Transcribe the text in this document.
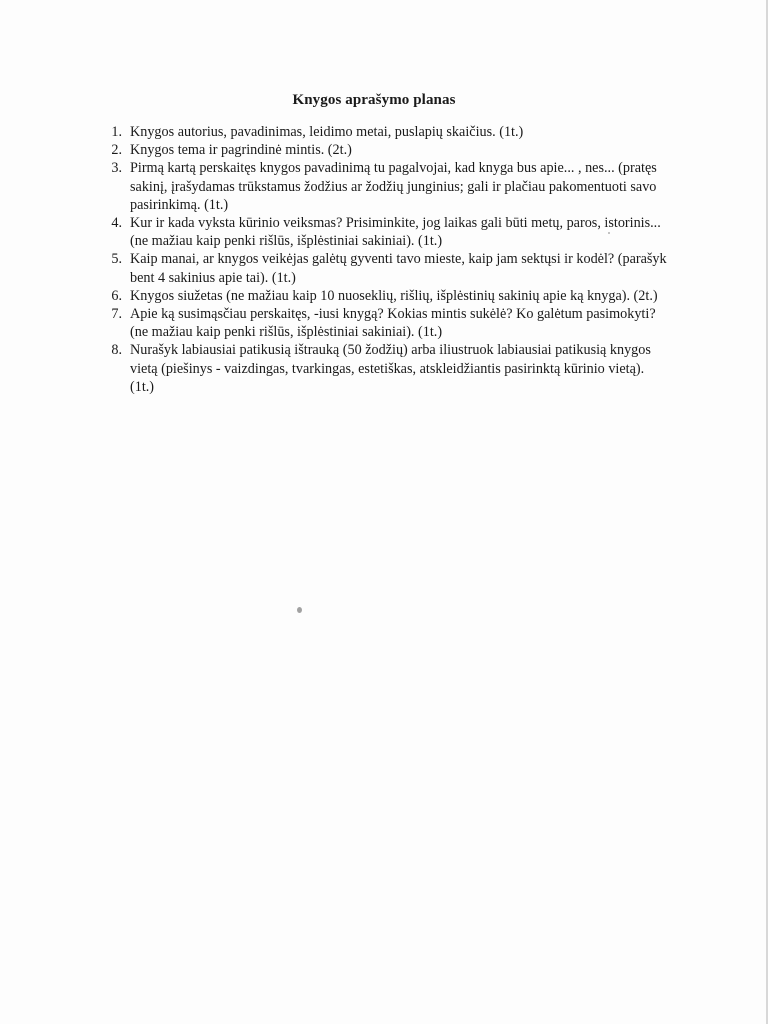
Knygos aprašymo planas
1. Knygos autorius, pavadinimas, leidimo metai, puslapių skaičius. (1t.)
2. Knygos tema ir pagrindinė mintis. (2t.)
3. Pirmą kartą perskaitęs knygos pavadinimą tu pagalvojai, kad knyga bus apie... , nes... (pratęs sakinį, įrašydamas trūkstamus žodžius ar žodžių junginius; gali ir plačiau pakomentuoti savo pasirinkimą. (1t.)
4. Kur ir kada vyksta kūrinio veiksmas? Prisiminkite, jog laikas gali būti metų, paros, istorinis... (ne mažiau kaip penki rišlūs, išplėstiniai sakiniai). (1t.)
5. Kaip manai, ar knygos veikėjas galėtų gyventi tavo mieste, kaip jam sektųsi ir kodėl? (parašyk bent 4 sakinius apie tai). (1t.)
6. Knygos siužetas (ne mažiau kaip 10 nuoseklių, rišlių, išplėstinių sakinių apie ką knyga). (2t.)
7. Apie ką susimąsčiau perskaitęs, -iusi knygą? Kokias mintis sukėlė? Ko galėtum pasimokyti? (ne mažiau kaip penki rišlūs, išplėstiniai sakiniai). (1t.)
8. Nurašyk labiausiai patikusią ištrauką (50 žodžių) arba iliustruok labiausiai patikusią knygos vietą (piešinys - vaizdingas, tvarkingas, estetiškas, atskleidžiantis pasirinktą kūrinio vietą). (1t.)
